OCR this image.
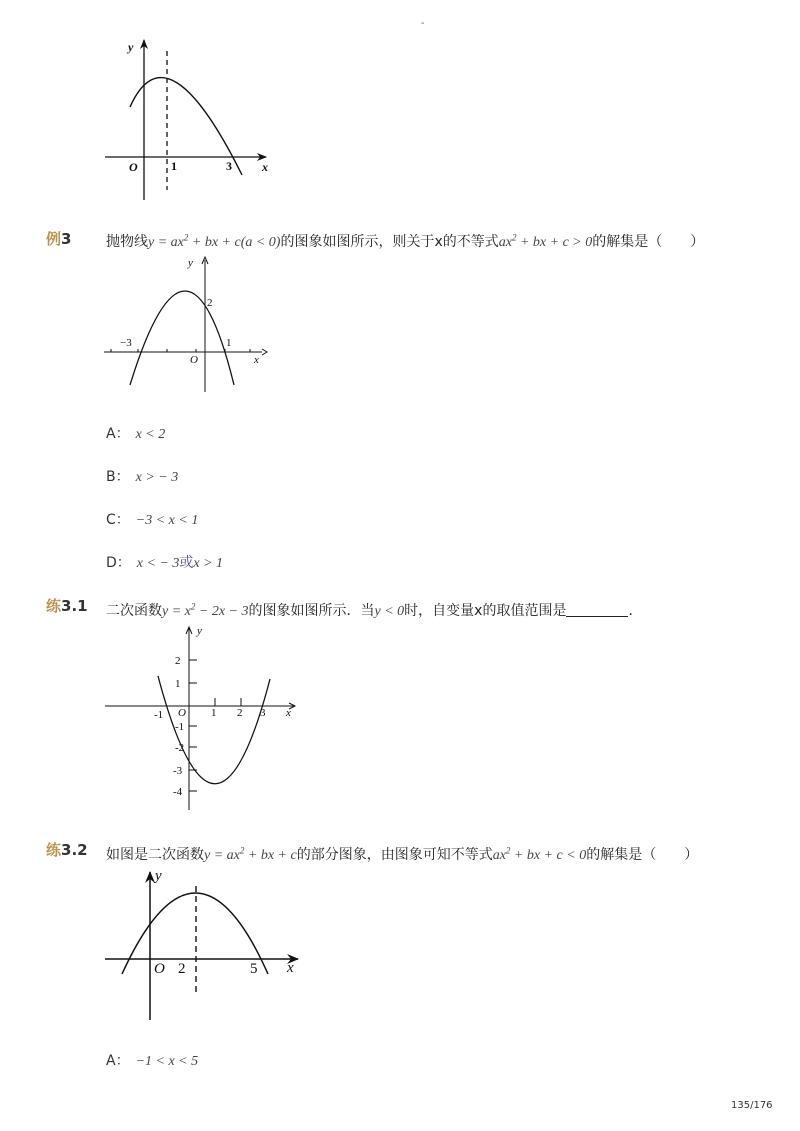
-
y
x
O	1	3
例3 抛物线$y = ax^2$ + bx + c(a < 0)的图象如图所示，则关于x的不等式$ax^2$ + bx + c > 0的解集是（　　）
y
x
O
−3	1
2
A： x < 2
B： x > − 3
C： −3 < x < 1
D： x < − 3或x > 1
练3.1 二次函数$y = x^2 - 2x - 3$的图象如图所示．当y < 0时，自变量x的取值范围是	．
y
x
O
2
1
-1
-2
-3
-4
-1	1 2 3
练3.2 如图是二次函数$y = ax^2$ + bx + c的部分图象，由图象可知不等式$ax^2$ + bx + c < 0的解集是（　　）
y
x
O 2	5
A： −1 < x < 5
135/176
